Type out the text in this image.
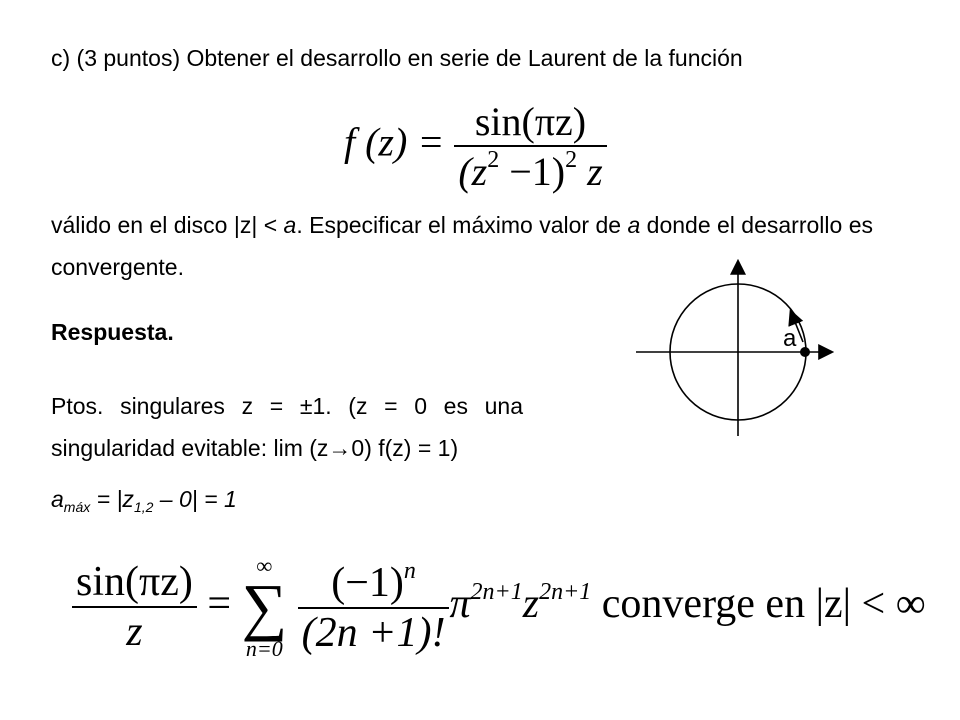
c) (3 puntos) Obtener el desarrollo en serie de Laurent de la función
f $(z) = \frac{\sin(\pi z)}{(z^2 -1)^2 z}$
válido en el disco |z| < a. Especificar el máximo valor de a donde el desarrollo es convergente.
a
Respuesta.
Ptos. singulares z = ±1. (z = 0 es una singularidad evitable: lim (z→0) f(z) = 1)
$a_{máx} = |z_{1,2} - 0| = 1$
$\frac{\sin(\pi z)}{z}$ =
∞
∑
n=0
$\frac{(-1)^n}{(2n +1)!} \pi^{2n+1}z^{2n+1}$ converge en |z| < ∞
